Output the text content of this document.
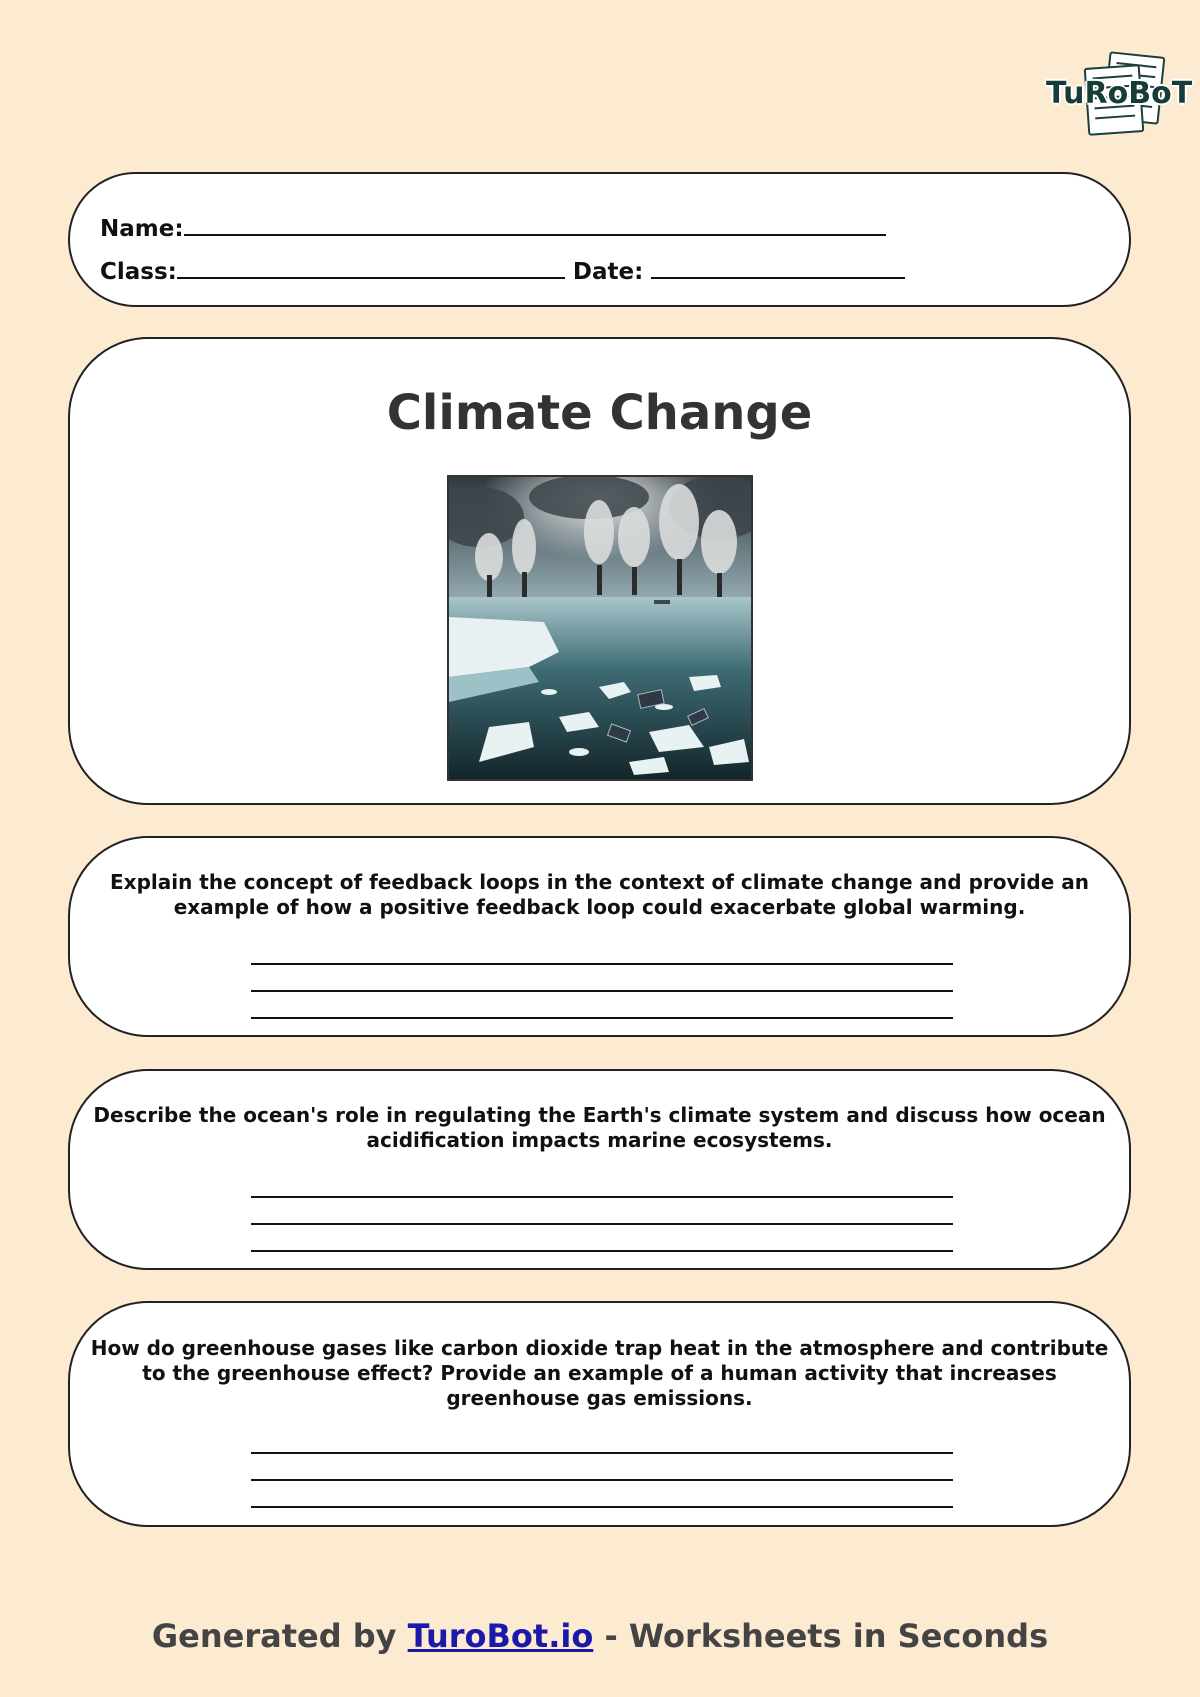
TuRoBoT
Name:
Class:	Date:
Climate Change
Explain the concept of feedback loops in the context of climate change and provide an example of how a positive feedback loop could exacerbate global warming.
Describe the ocean's role in regulating the Earth's climate system and discuss how ocean acidification impacts marine ecosystems.
How do greenhouse gases like carbon dioxide trap heat in the atmosphere and contribute to the greenhouse effect? Provide an example of a human activity that increases greenhouse gas emissions.
Generated by TuroBot.io - Worksheets in Seconds
